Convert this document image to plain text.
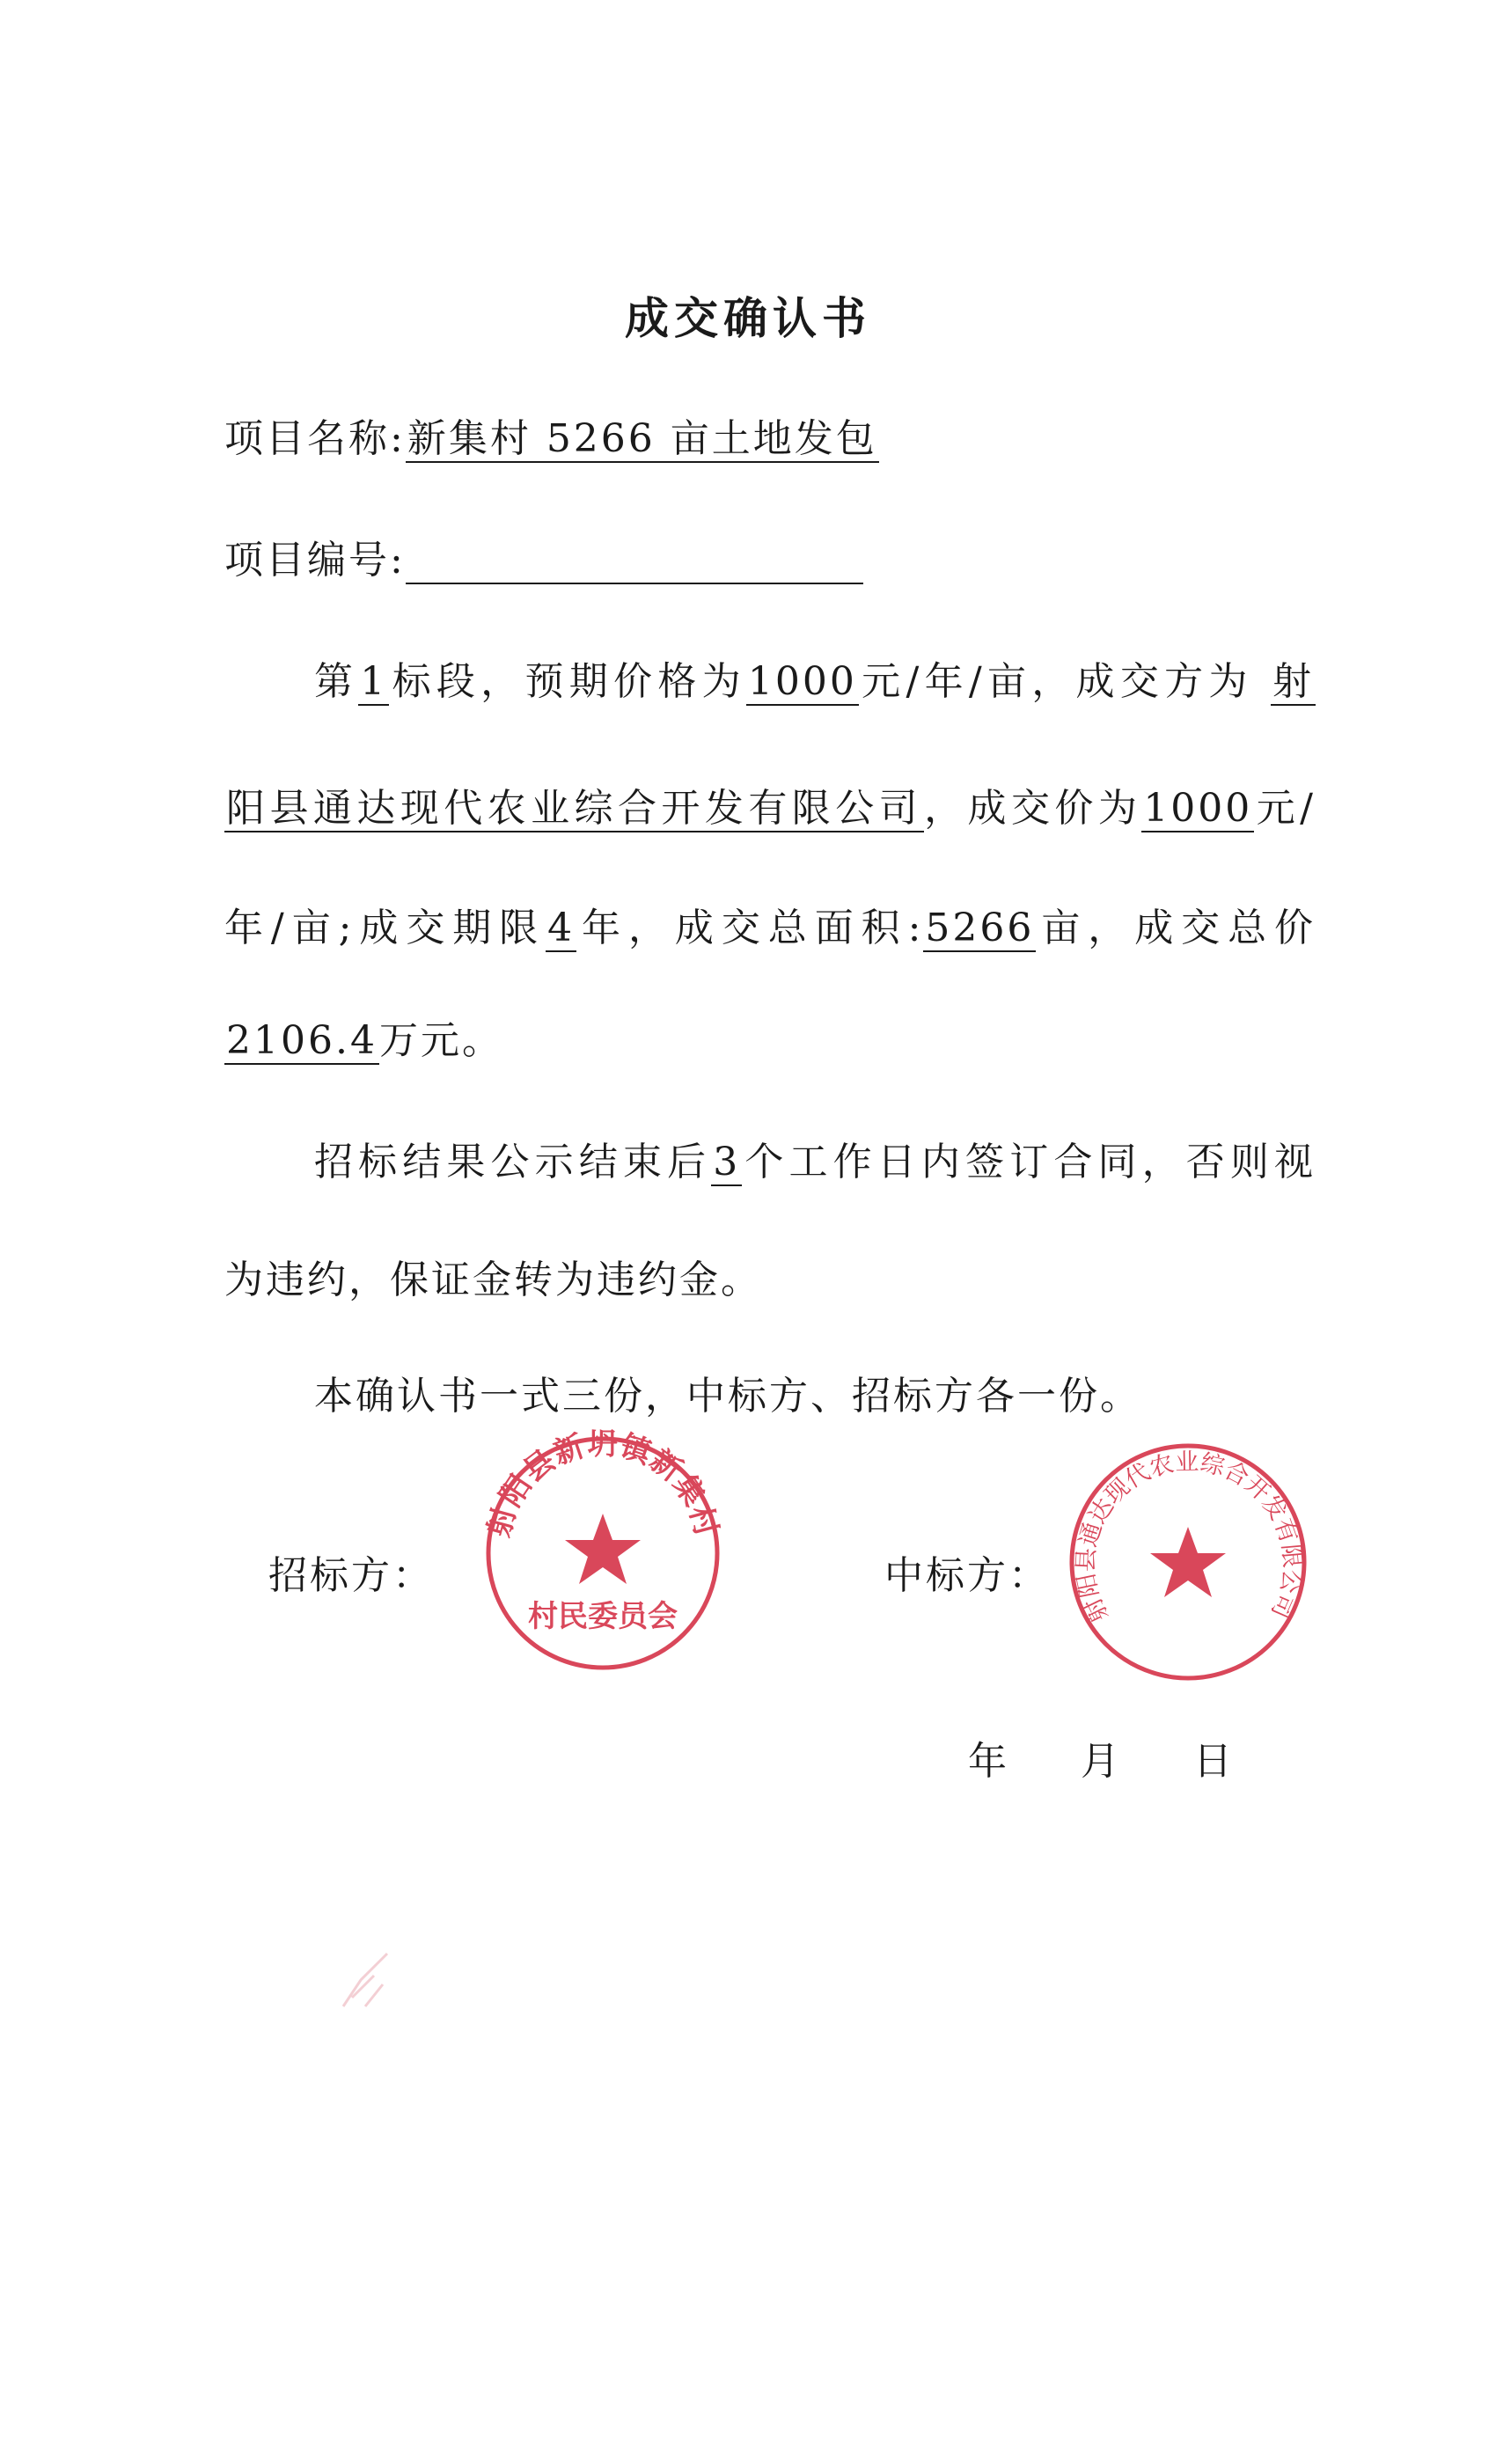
成交确认书
项目名称:新集村 5266 亩土地发包
项目编号:
第1标段，预期价格为1000元/年/亩，成交方为 射
阳县通达现代农业综合开发有限公司，成交价为1000元/
年/亩;成交期限4年，成交总面积:5266亩，成交总价
2106.4万元。
招标结果公示结束后3个工作日内签订合同，否则视
为违约，保证金转为违约金。
本确认书一式三份，中标方、招标方各一份。
招标方：	中标方：
射阳县新坍镇新集村
村民委员会	射阳县通达现代农业综合开发有限公司
年 月 日
